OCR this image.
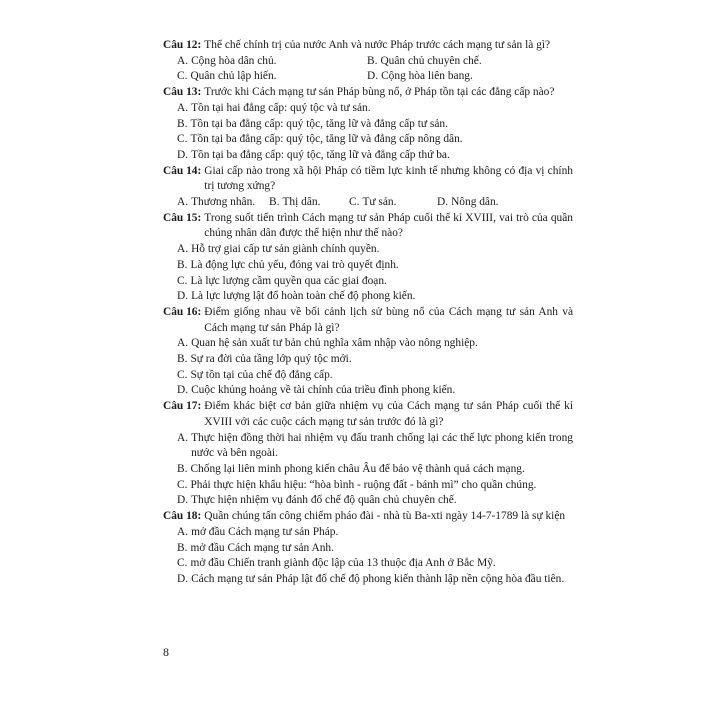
Câu 12: Thể chế chính trị của nước Anh và nước Pháp trước cách mạng tư sản là gì?
A. Cộng hòa dân chủ.	B. Quân chủ chuyên chế.
C. Quân chủ lập hiến.	D. Cộng hòa liên bang.
Câu 13: Trước khi Cách mạng tư sản Pháp bùng nổ, ở Pháp tồn tại các đẳng cấp nào?
A. Tồn tại hai đẳng cấp: quý tộc và tư sản.
B. Tồn tại ba đẳng cấp: quý tộc, tăng lữ và đẳng cấp tư sản.
C. Tồn tại ba đẳng cấp: quý tộc, tăng lữ và đẳng cấp nông dân.
D. Tồn tại ba đẳng cấp: quý tộc, tăng lữ và đẳng cấp thứ ba.
Câu 14: Giai cấp nào trong xã hội Pháp có tiềm lực kinh tế nhưng không có địa vị chính trị tương xứng?
A. Thương nhân. B. Thị dân.	C. Tư sản.	D. Nông dân.
Câu 15: Trong suốt tiến trình Cách mạng tư sản Pháp cuối thế kỉ XVIII, vai trò của quần chúng nhân dân được thể hiện như thế nào?
A. Hỗ trợ giai cấp tư sản giành chính quyền.
B. Là động lực chủ yếu, đóng vai trò quyết định.
C. Là lực lượng cầm quyền qua các giai đoạn.
D. Là lực lượng lật đổ hoàn toàn chế độ phong kiến.
Câu 16: Điểm giống nhau về bối cảnh lịch sử bùng nổ của Cách mạng tư sản Anh và Cách mạng tư sản Pháp là gì?
A. Quan hệ sản xuất tư bản chủ nghĩa xâm nhập vào nông nghiệp.
B. Sự ra đời của tầng lớp quý tộc mới.
C. Sự tồn tại của chế độ đẳng cấp.
D. Cuộc khủng hoảng về tài chính của triều đình phong kiến.
Câu 17: Điểm khác biệt cơ bản giữa nhiệm vụ của Cách mạng tư sản Pháp cuối thế kỉ XVIII với các cuộc cách mạng tư sản trước đó là gì?
A. Thực hiện đồng thời hai nhiệm vụ đấu tranh chống lại các thế lực phong kiến trong nước và bên ngoài.
B. Chống lại liên minh phong kiến châu Âu để bảo vệ thành quả cách mạng.
C. Phải thực hiện khẩu hiệu: “hòa bình - ruộng đất - bánh mì” cho quần chúng.
D. Thực hiện nhiệm vụ đánh đổ chế độ quân chủ chuyên chế.
Câu 18: Quần chúng tấn công chiếm pháo đài - nhà tù Ba-xti ngày 14-7-1789 là sự kiện
A. mở đầu Cách mạng tư sản Pháp.
B. mở đầu Cách mạng tư sản Anh.
C. mở đầu Chiến tranh giành độc lập của 13 thuộc địa Anh ở Bắc Mỹ.
D. Cách mạng tư sản Pháp lật đổ chế độ phong kiến thành lập nền cộng hòa đầu tiên.
8
